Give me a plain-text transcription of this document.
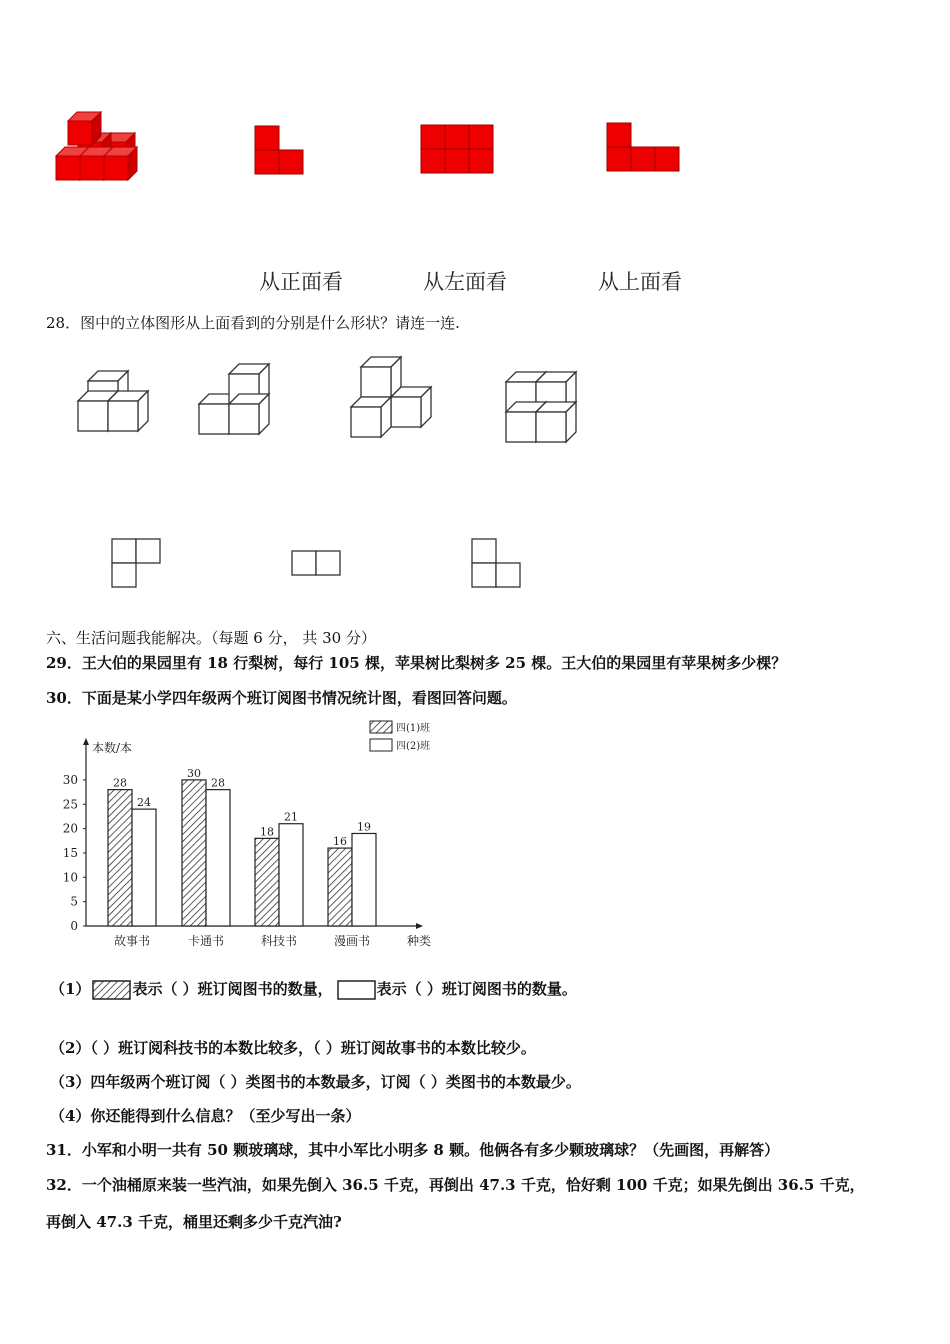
从正面看	从左面看	从上面看
28．图中的立体图形从上面看到的分别是什么形状？请连一连.
六、生活问题我能解决。（每题 6 分， 共 30 分）
29．王大伯的果园里有 18 行梨树，每行 105 棵，苹果树比梨树多 25 棵。王大伯的果园里有苹果树多少棵？
30．下面是某小学四年级两个班订阅图书情况统计图，看图回答问题。
本数/本
种类
0
5
10
15
20
25
30	28
24
故事书
30
28
卡通书
18
21
科技书
16
19
漫画书
四(1)班
四(2)班
（1）	表示（ ）班订阅图书的数量，	表示（ ）班订阅图书的数量。
（2）（ ）班订阅科技书的本数比较多，（ ）班订阅故事书的本数比较少。
（3）四年级两个班订阅（ ）类图书的本数最多，订阅（ ）类图书的本数最少。
（4）你还能得到什么信息？（至少写出一条）
31．小军和小明一共有 50 颗玻璃球，其中小军比小明多 8 颗。他俩各有多少颗玻璃球？（先画图，再解答）
32．一个油桶原来装一些汽油，如果先倒入 36.5 千克，再倒出 47.3 千克，恰好剩 100 千克；如果先倒出 36.5 千克，
再倒入 47.3 千克，桶里还剩多少千克汽油?
